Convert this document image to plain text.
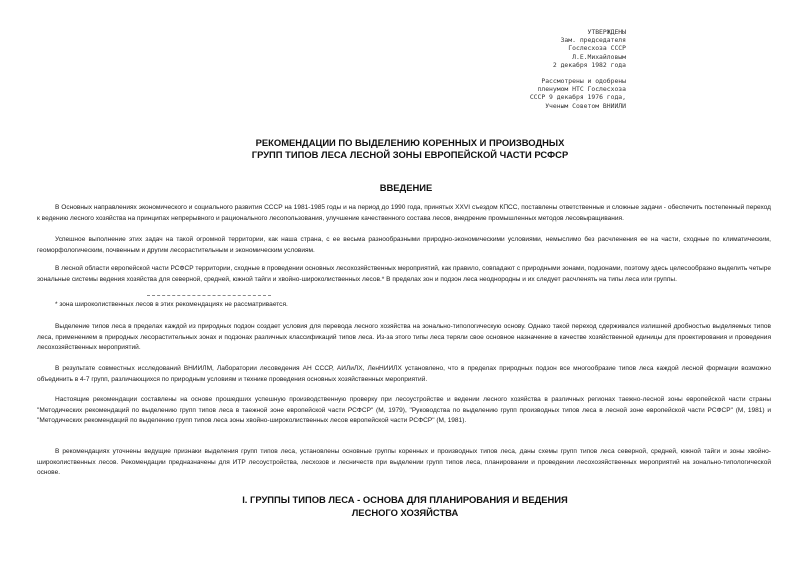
УТВЕРЖДЕНЫ
Зам. председателя
Гослесхоза СССР
Л.Е.Михайловым
2 декабря 1982 года
Рассмотрены и одобрены
пленумом НТС Гослесхоза
СССР 9 декабря 1976 года,
Ученым Советом ВНИИЛИ
РЕКОМЕНДАЦИИ ПО ВЫДЕЛЕНИЮ КОРЕННЫХ И ПРОИЗВОДНЫХ
ГРУПП ТИПОВ ЛЕСА ЛЕСНОЙ ЗОНЫ ЕВРОПЕЙСКОЙ ЧАСТИ РСФСР
ВВЕДЕНИЕ

В Основных направлениях экономического и социального развития СССР на 1981-1985 годы и на период до 1990 года, принятых XXVI съездом КПСС, поставлены ответственные и сложные задачи - обеспечить постепенный переход к ведению лесного хозяйства на принципах непрерывного и рационального лесопользования, улучшение качественного состава лесов, внедрение промышленных методов лесовыращивания.

Успешное выполнение этих задач на такой огромной территории, как наша страна, с ее весьма разнообразными природно-экономическими условиями, немыслимо без расчленения ее на части, сходные по климатическим, геоморфологическим, почвенным и другим лесорастительным и экономическим условиям.

В лесной области европейской части РСФСР территории, сходные в проведении основных лесохозяйственных мероприятий, как правило, совпадают с природными зонами, подзонами, поэтому здесь целесообразно выделить четыре зональные системы ведения хозяйства для северной, средней, южной тайги и хвойно-широколиственных лесов.* В пределах зон и подзон леса неоднородны и их следует расчленять на типы леса или группы.

* зона широколиственных лесов в этих рекомендациях не рассматривается.

Выделение типов леса в пределах каждой из природных подзон создает условия для перевода лесного хозяйства на зонально-типологическую основу. Однако такой переход сдерживался излишней дробностью выделяемых типов леса, применением в природных лесорастительных зонах и подзонах различных классификаций типов леса. Из-за этого типы леса теряли свое основное назначение в качестве хозяйственной единицы для проектирования и проведения лесохозяйственных мероприятий.

В результате совместных исследований ВНИИЛМ, Лаборатории лесоведения АН СССР, АИЛиЛХ, ЛенНИИЛХ установлено, что в пределах природных подзон все многообразие типов леса каждой лесной формации возможно объединить в 4-7 групп, различающихся по природным условиям и технике проведения основных хозяйственных мероприятий.

Настоящие рекомендации составлены на основе прошедших успешную производственную проверку при лесоустройстве и ведении лесного хозяйства в различных регионах таежно-лесной зоны европейской части страны "Методических рекомендаций по выделению групп типов леса в таежной зоне европейской части РСФСР" (М, 1979), "Руководства по выделению групп производных типов леса в лесной зоне европейской части РСФСР" (М, 1981) и "Методических рекомендаций по выделению групп типов леса зоны хвойно-широколиственных лесов европейской части РСФСР" (М, 1981).

В рекомендациях уточнены ведущие признаки выделения групп типов леса, установлены основные группы коренных и производных типов леса, даны схемы групп типов леса северной, средней, южной тайги и зоны хвойно-широколиственных лесов. Рекомендации предназначены для ИТР лесоустройства, лесхозов и лесничеств при выделении групп типов леса, планировании и проведении лесохозяйственных мероприятий на зонально-типологической основе.

I. ГРУППЫ ТИПОВ ЛЕСА - ОСНОВА ДЛЯ ПЛАНИРОВАНИЯ И ВЕДЕНИЯ
ЛЕСНОГО ХОЗЯЙСТВА
